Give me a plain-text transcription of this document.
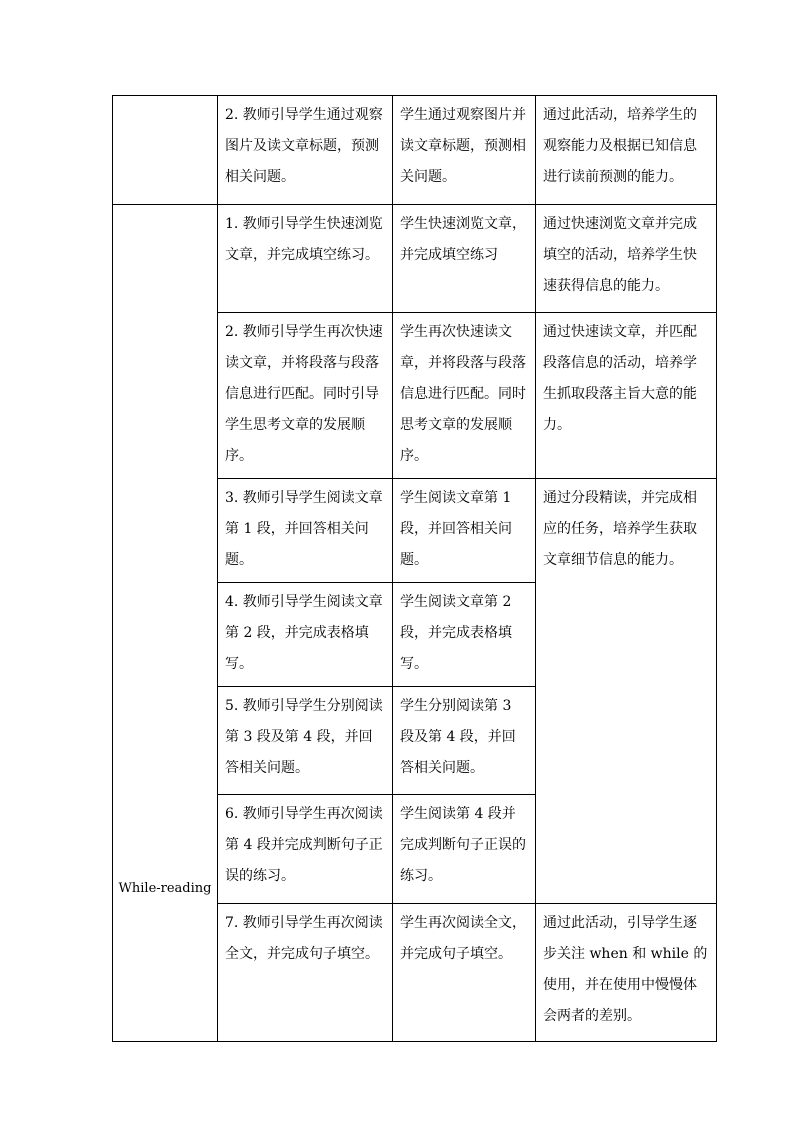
	2. 教师引导学生通过观察图片及读文章标题，预测相关问题。	学生通过观察图片并读文章标题，预测相关问题。	通过此活动，培养学生的观察能力及根据已知信息进行读前预测的能力。
While-reading	1. 教师引导学生快速浏览文章，并完成填空练习。	学生快速浏览文章，并完成填空练习	通过快速浏览文章并完成填空的活动，培养学生快速获得信息的能力。
	2. 教师引导学生再次快速读文章，并将段落与段落信息进行匹配。同时引导学生思考文章的发展顺序。	学生再次快速读文章，并将段落与段落信息进行匹配。同时思考文章的发展顺序。	通过快速读文章，并匹配段落信息的活动，培养学生抓取段落主旨大意的能力。
	3. 教师引导学生阅读文章第 1 段，并回答相关问题。	学生阅读文章第 1段，并回答相关问题。	通过分段精读，并完成相应的任务，培养学生获取文章细节信息的能力。
	4. 教师引导学生阅读文章第 2 段，并完成表格填写。	学生阅读文章第 2段，并完成表格填写。	
	5. 教师引导学生分别阅读第 3 段及第 4 段，并回答相关问题。	学生分别阅读第 3 段及第 4 段，并回答相关问题。	
	6. 教师引导学生再次阅读第 4 段并完成判断句子正误的练习。	学生阅读第 4 段并完成判断句子正误的练习。	
	7. 教师引导学生再次阅读全文，并完成句子填空。	学生再次阅读全文，并完成句子填空。	通过此活动，引导学生逐步关注 when 和 while 的使用，并在使用中慢慢体会两者的差别。
